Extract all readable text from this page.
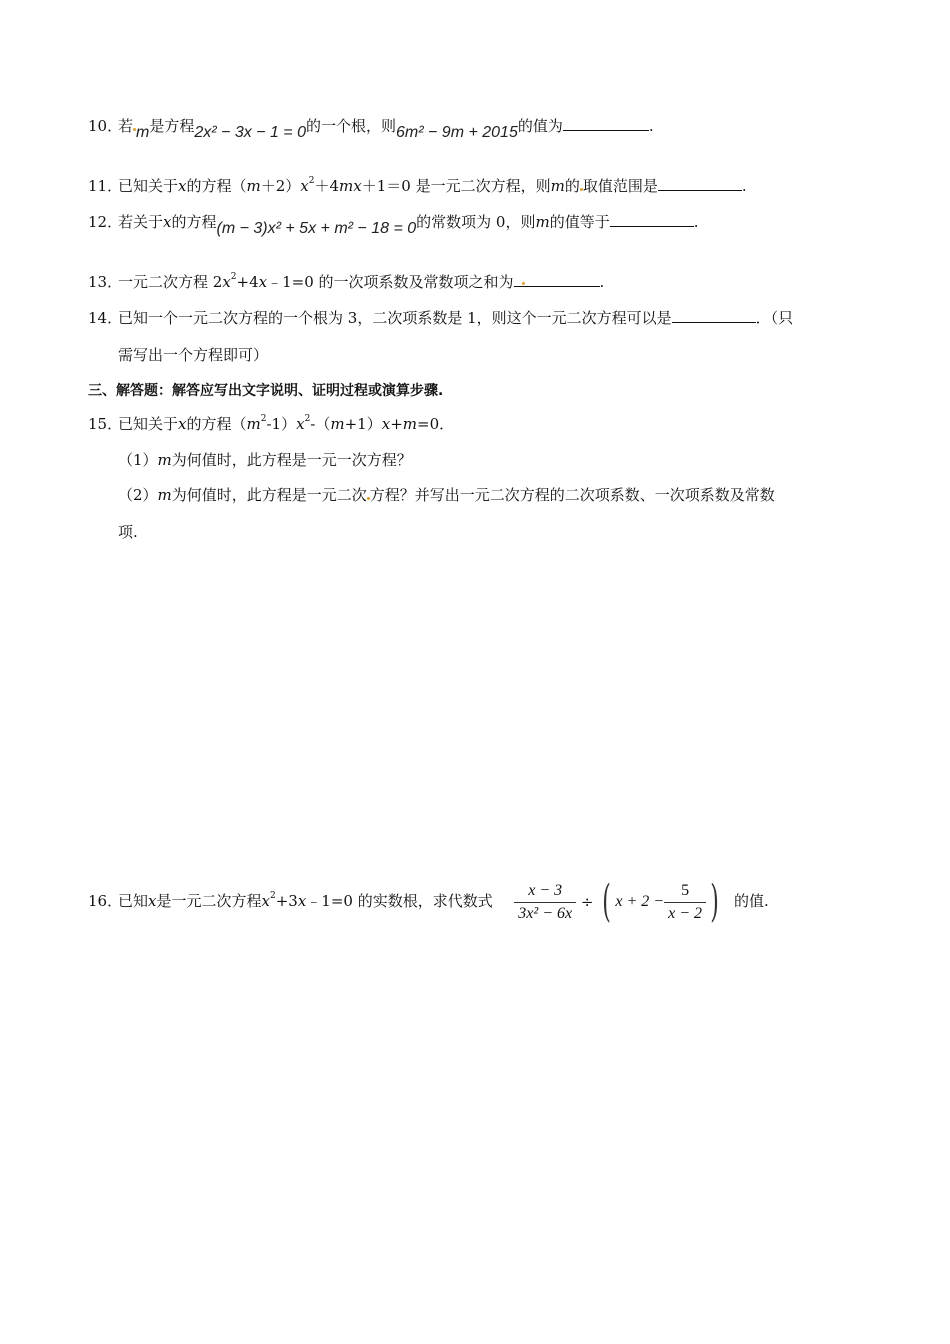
10．若 m是方程2x² − 3x − 1 = 0的一个根，则6m² − 9m + 2015的值为	.
11．已知关于x的方程$(m+2)x^2+4mx+1=0$ 是一元二次方程，则m的 取值范围是	.
12．若关于x的方程(m − 3)x² + 5x + m² − 18 = 0的常数项为 0，则m的值等于	.
13．一元二次方程 $2x^2+4x﹣1=0$ 的一次项系数及常数项之和为	.
14．已知一个一元二次方程的一个根为 3，二次项系数是 1，则这个一元二次方程可以是	．（只
需写出一个方程即可）
三、解答题：解答应写出文字说明、证明过程或演算步骤.
15．已知关于x的方程$(m^2-1)x^2-(m+1)x+m=0$．
（1）m为何值时，此方程是一元一次方程？
（2）m为何值时，此方程是一元二次 方程？并写出一元二次方程的二次项系数、一次项系数及常数
项.
16．已知x是一元二次方程$x^2+3x﹣1=0$ 的实数根，求代数式 $\frac{x - 3}{\text{3x² − 6x}}$ ÷ ( $x + 2 - \frac{5}{x - 2}$ ) 的值.
